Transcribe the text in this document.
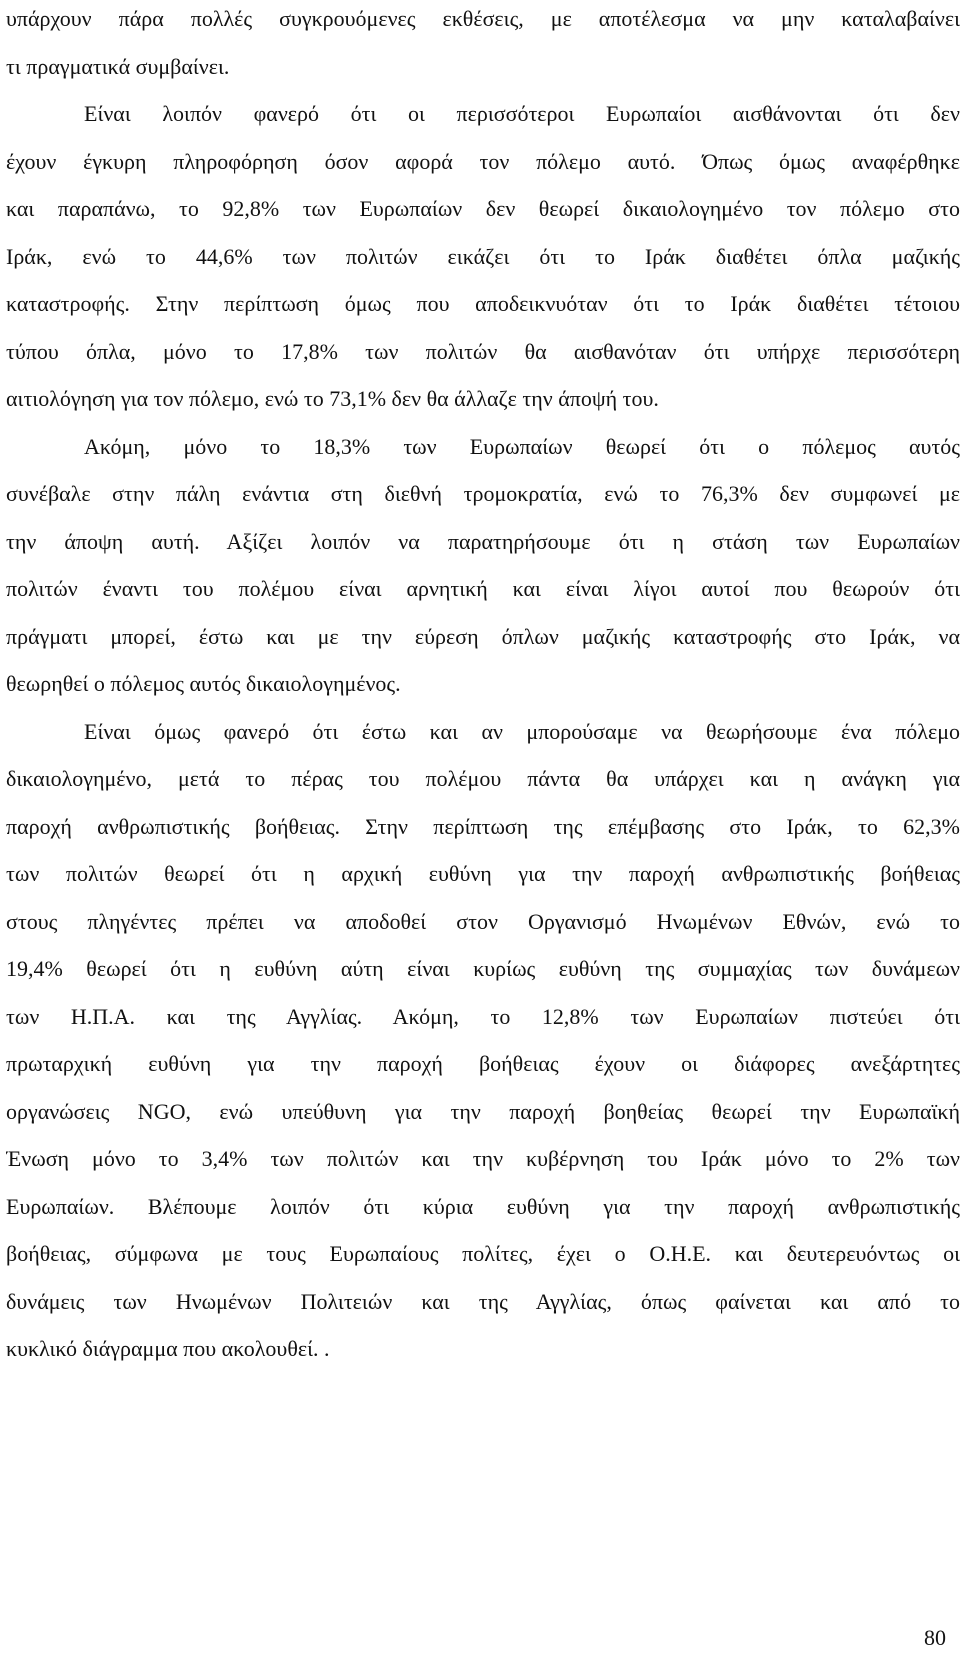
υπάρχουν πάρα πολλές συγκρουόμενες εκθέσεις, με αποτέλεσμα να μην καταλαβαίνει
τι πραγματικά συμβαίνει.
Είναι λοιπόν φανερό ότι οι περισσότεροι Ευρωπαίοι αισθάνονται ότι δεν
έχουν έγκυρη πληροφόρηση όσον αφορά τον πόλεμο αυτό. Όπως όμως αναφέρθηκε
και παραπάνω, το 92,8% των Ευρωπαίων δεν θεωρεί δικαιολογημένο τον πόλεμο στο
Ιράκ, ενώ το 44,6% των πολιτών εικάζει ότι το Ιράκ διαθέτει όπλα μαζικής
καταστροφής. Στην περίπτωση όμως που αποδεικνυόταν ότι το Ιράκ διαθέτει τέτοιου
τύπου όπλα, μόνο το 17,8% των πολιτών θα αισθανόταν ότι υπήρχε περισσότερη
αιτιολόγηση για τον πόλεμο, ενώ το 73,1% δεν θα άλλαζε την άποψή του.
Ακόμη, μόνο το 18,3% των Ευρωπαίων θεωρεί ότι ο πόλεμος αυτός
συνέβαλε στην πάλη ενάντια στη διεθνή τρομοκρατία, ενώ το 76,3% δεν συμφωνεί με
την άποψη αυτή. Αξίζει λοιπόν να παρατηρήσουμε ότι η στάση των Ευρωπαίων
πολιτών έναντι του πολέμου είναι αρνητική και είναι λίγοι αυτοί που θεωρούν ότι
πράγματι μπορεί, έστω και με την εύρεση όπλων μαζικής καταστροφής στο Ιράκ, να
θεωρηθεί ο πόλεμος αυτός δικαιολογημένος.
Είναι όμως φανερό ότι έστω και αν μπορούσαμε να θεωρήσουμε ένα πόλεμο
δικαιολογημένο, μετά το πέρας του πολέμου πάντα θα υπάρχει και η ανάγκη για
παροχή ανθρωπιστικής βοήθειας. Στην περίπτωση της επέμβασης στο Ιράκ, το 62,3%
των πολιτών θεωρεί ότι η αρχική ευθύνη για την παροχή ανθρωπιστικής βοήθειας
στους πληγέντες πρέπει να αποδοθεί στον Οργανισμό Ηνωμένων Εθνών, ενώ το
19,4% θεωρεί ότι η ευθύνη αύτη είναι κυρίως ευθύνη της συμμαχίας των δυνάμεων
των Η.Π.Α. και της Αγγλίας. Ακόμη, το 12,8% των Ευρωπαίων πιστεύει ότι
πρωταρχική ευθύνη για την παροχή βοήθειας έχουν οι διάφορες ανεξάρτητες
οργανώσεις NGO, ενώ υπεύθυνη για την παροχή βοηθείας θεωρεί την Ευρωπαϊκή
Ένωση μόνο το 3,4% των πολιτών και την κυβέρνηση του Ιράκ μόνο το 2% των
Ευρωπαίων. Βλέπουμε λοιπόν ότι κύρια ευθύνη για την παροχή ανθρωπιστικής
βοήθειας, σύμφωνα με τους Ευρωπαίους πολίτες, έχει ο Ο.Η.Ε. και δευτερευόντως οι
δυνάμεις των Ηνωμένων Πολιτειών και της Αγγλίας, όπως φαίνεται και από το
κυκλικό διάγραμμα που ακολουθεί. .
80
